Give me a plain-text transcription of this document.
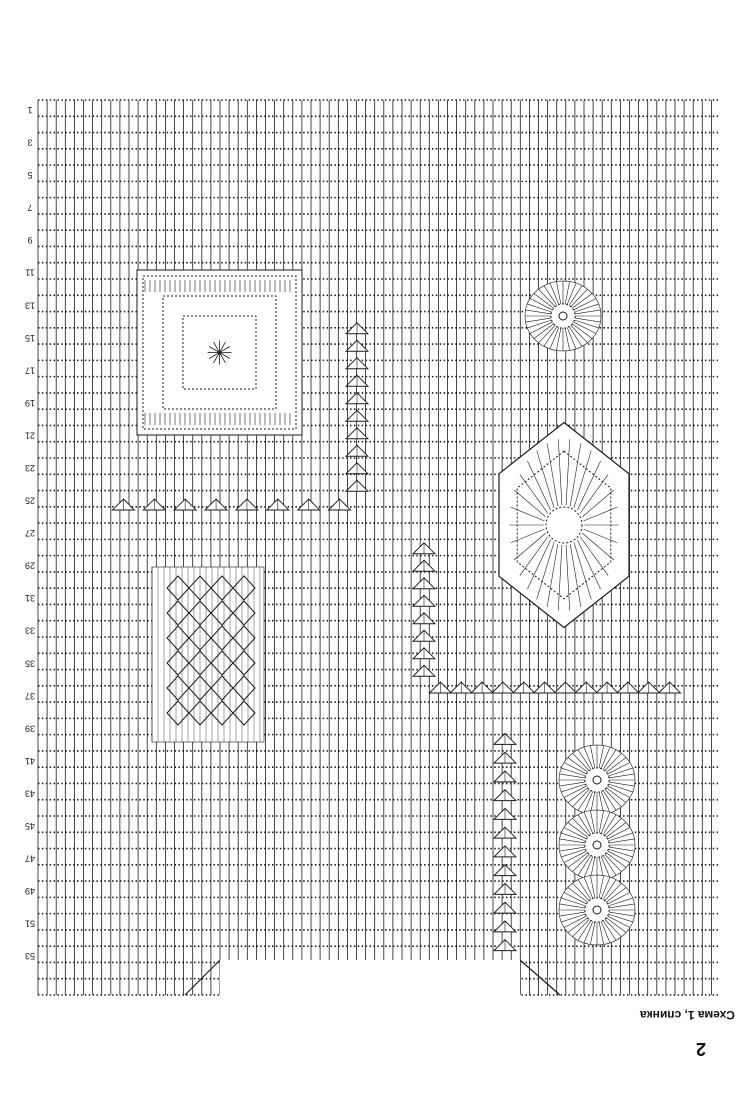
1
3
5
7
9
11
13
15
17
19
21
23
25
27
29
31
33
35
37
39
41
43
45
47
49
51
53
Схема 1, спинка
2
